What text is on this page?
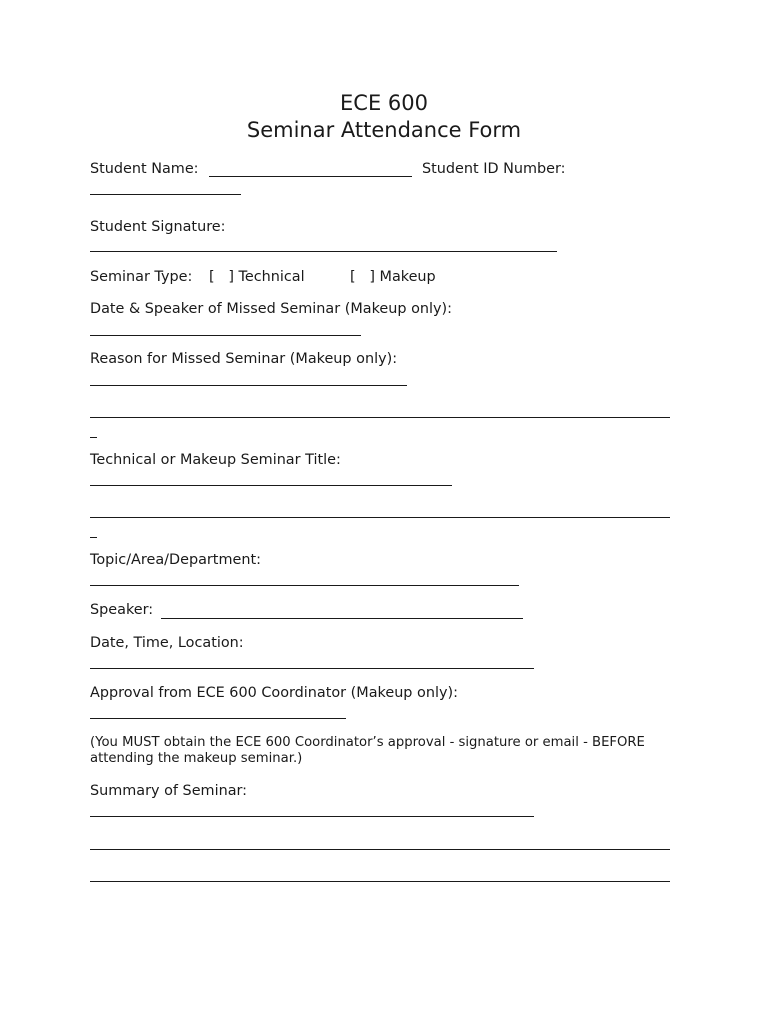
ECE 600
Seminar Attendance Form
Student Name:	Student ID Number:
Student Signature:
Seminar Type: [   ] Technical	[   ] Makeup
Date & Speaker of Missed Seminar (Makeup only):
Reason for Missed Seminar (Makeup only):
Technical or Makeup Seminar Title:
Topic/Area/Department:
Speaker:
Date, Time, Location:
Approval from ECE 600 Coordinator (Makeup only):
(You MUST obtain the ECE 600 Coordinator’s approval - signature or email - BEFORE
attending the makeup seminar.)
Summary of Seminar:
